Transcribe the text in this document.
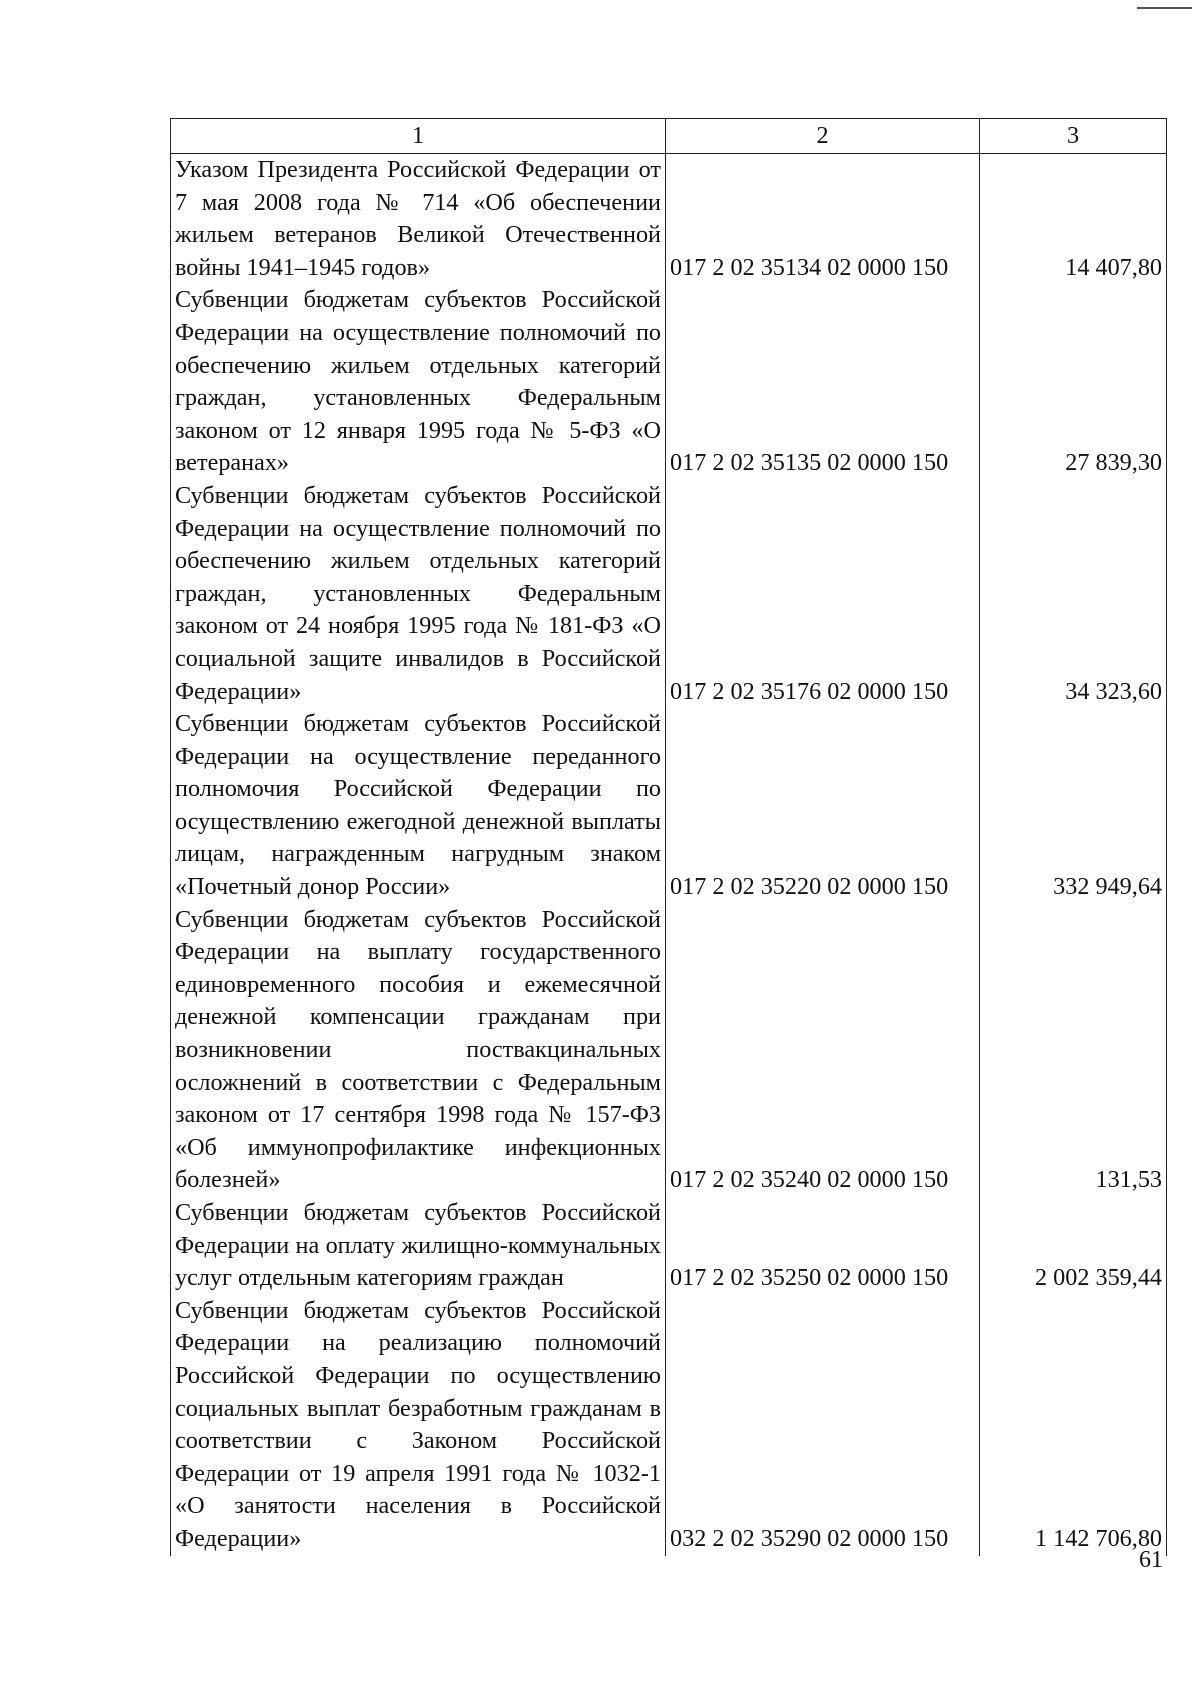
1	2	3
Указом Президента Российской Федерации от 7 мая 2008 года № 714 «Об обеспечении жильем ветеранов Великой Отечественной войны 1941–1945 годов»	017 2 02 35134 02 0000 150	14 407,80
Субвенции бюджетам субъектов Российской Федерации на осуществление полномочий по обеспечению жильем отдельных категорий граждан, установленных Федеральным законом от 12 января 1995 года № 5-ФЗ «О ветеранах»	017 2 02 35135 02 0000 150	27 839,30
Субвенции бюджетам субъектов Российской Федерации на осуществление полномочий по обеспечению жильем отдельных категорий граждан, установленных Федеральным законом от 24 ноября 1995 года № 181-ФЗ «О социальной защите инвалидов в Российской Федерации»	017 2 02 35176 02 0000 150	34 323,60
Субвенции бюджетам субъектов Российской Федерации на осуществление переданного полномочия Российской Федерации по осуществлению ежегодной денежной выплаты лицам, награжденным нагрудным знаком «Почетный донор России»	017 2 02 35220 02 0000 150	332 949,64
Субвенции бюджетам субъектов Российской Федерации на выплату государственного единовременного пособия и ежемесячной денежной компенсации гражданам при возникновении поствакцинальных осложнений в соответствии с Федеральным законом от 17 сентября 1998 года № 157-ФЗ «Об иммунопрофилактике инфекционных болезней»	017 2 02 35240 02 0000 150	131,53
Субвенции бюджетам субъектов Российской Федерации на оплату жилищно-коммунальных услуг отдельным категориям граждан	017 2 02 35250 02 0000 150	2 002 359,44
Субвенции бюджетам субъектов Российской Федерации на реализацию полномочий Российской Федерации по осуществлению социальных выплат безработным гражданам в соответствии с Законом Российской Федерации от 19 апреля 1991 года № 1032-1 «О занятости населения в Российской Федерации»	032 2 02 35290 02 0000 150	1 142 706,80
61
